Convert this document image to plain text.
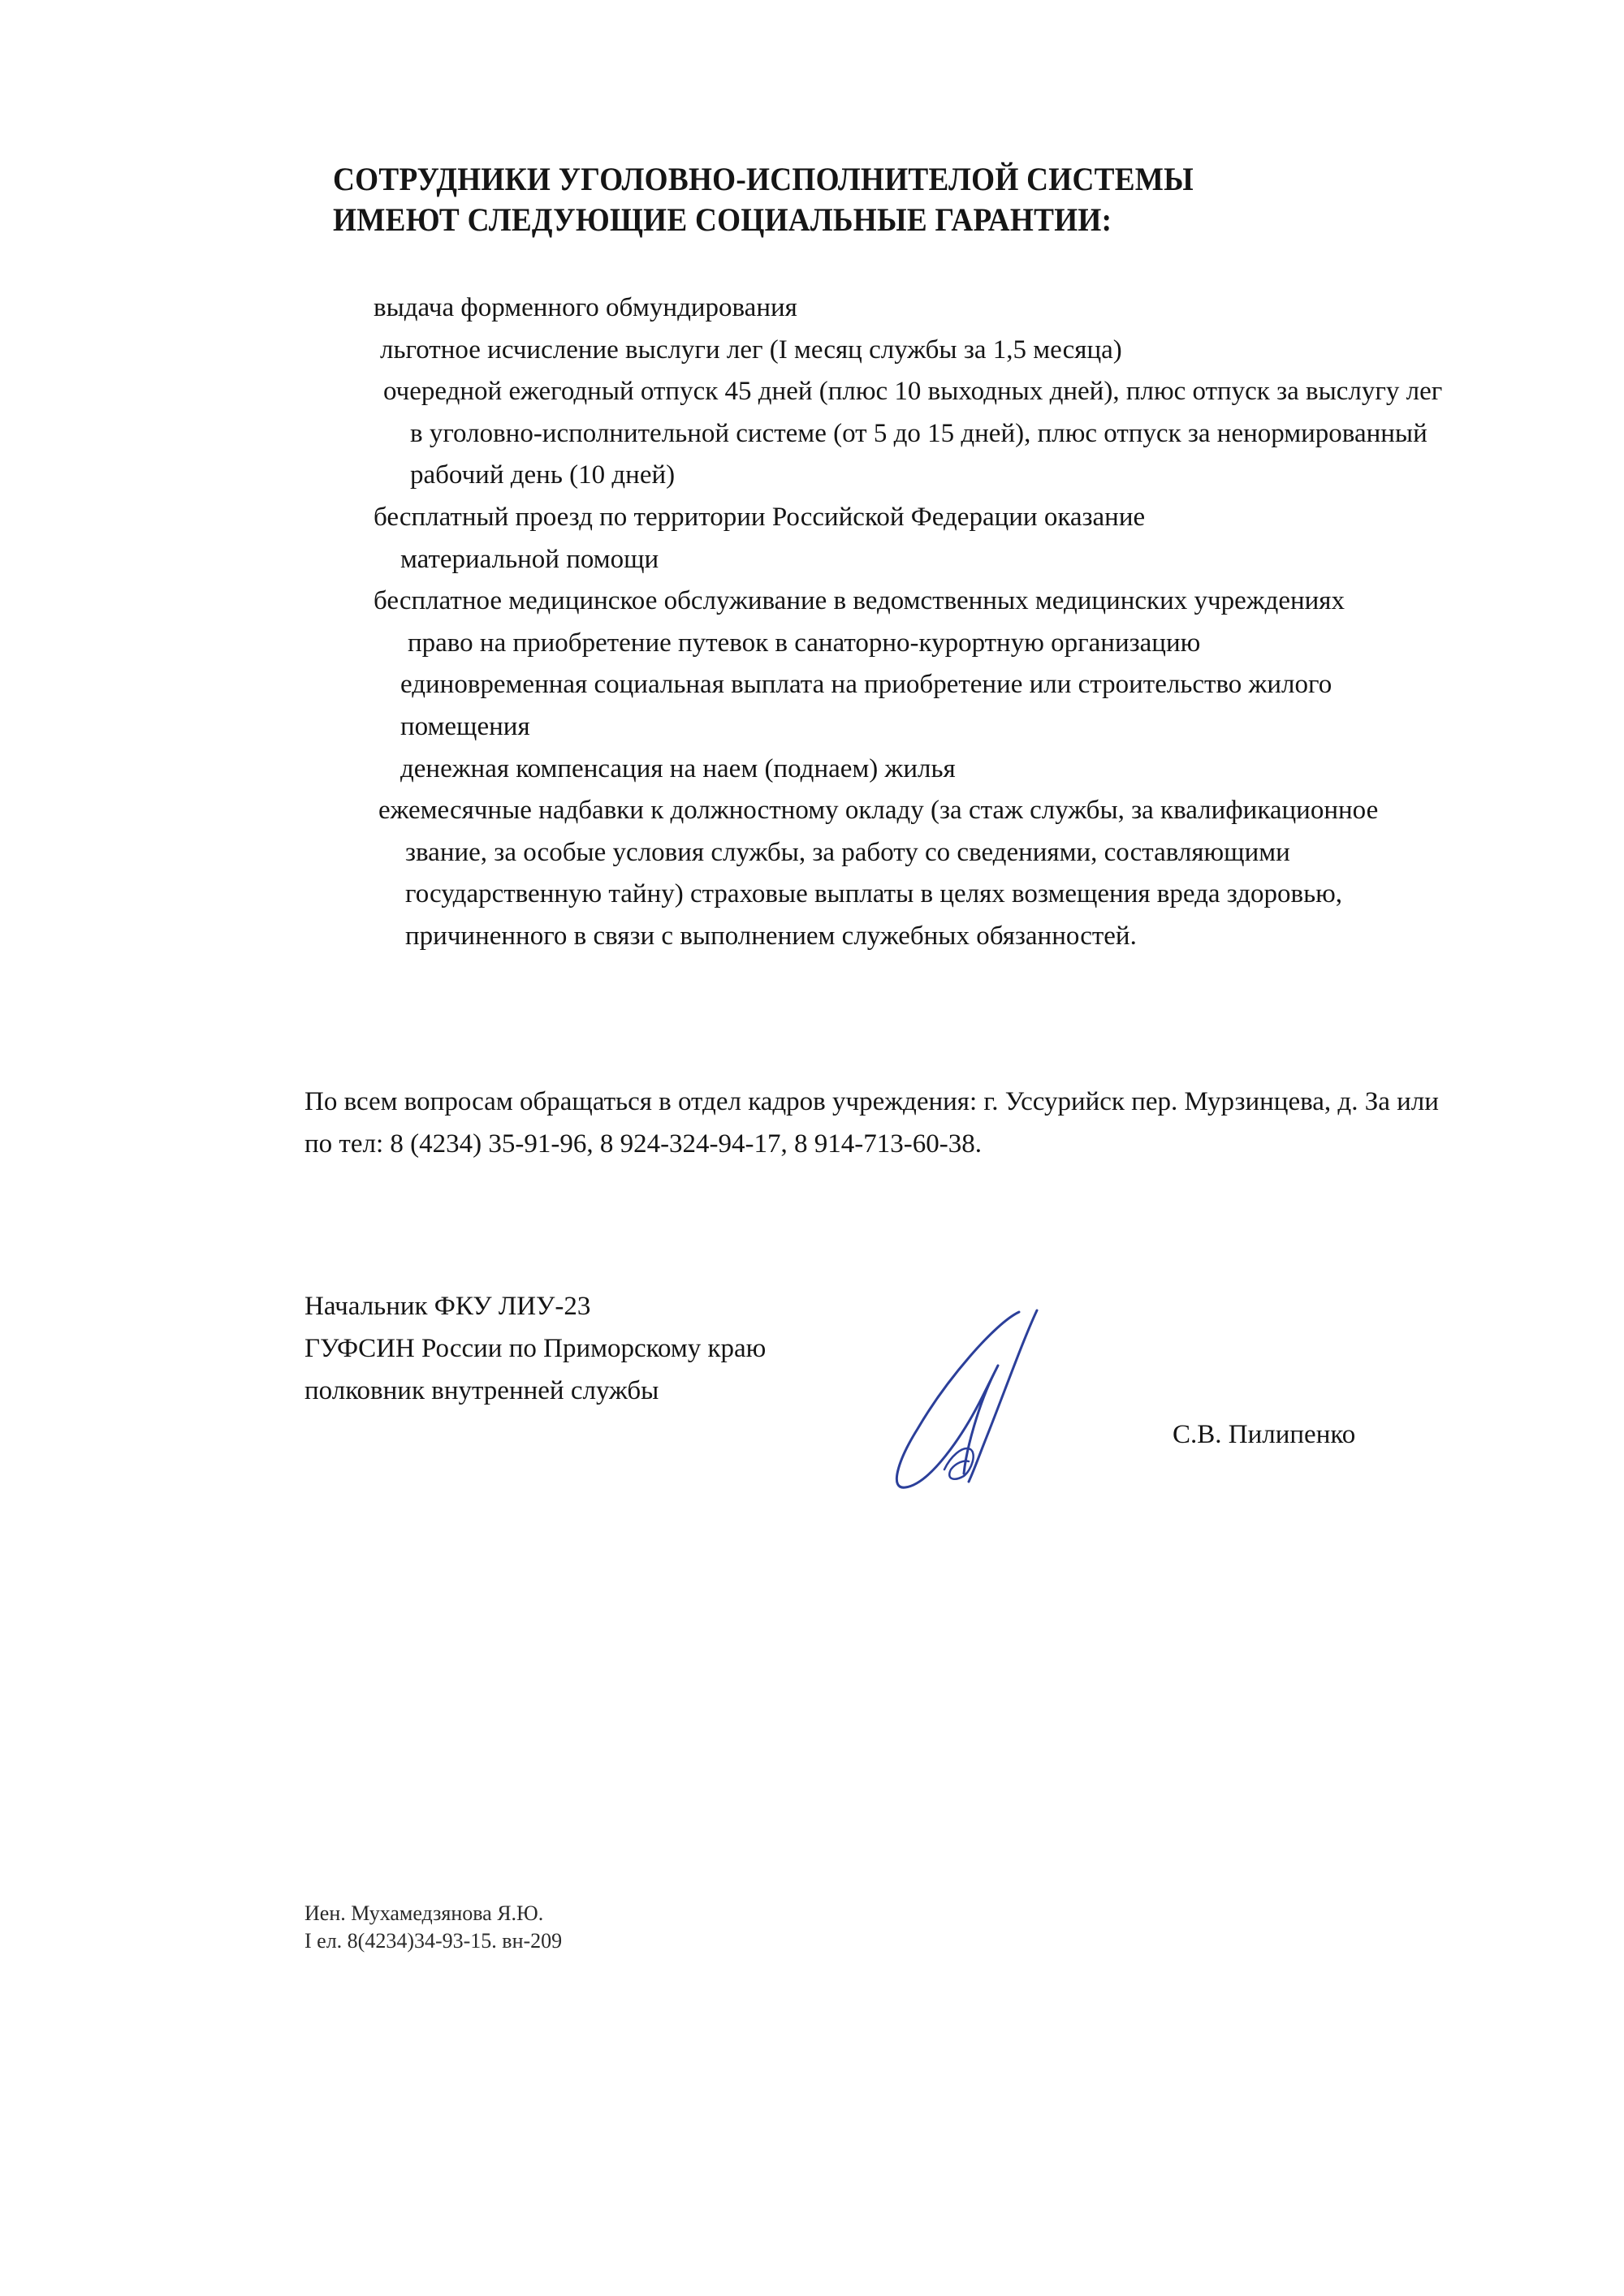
СОТРУДНИКИ УГОЛОВНО-ИСПОЛНИТЕЛОЙ СИСТЕМЫ
ИМЕЮТ СЛЕДУЮЩИЕ СОЦИАЛЬНЫЕ ГАРАНТИИ:
выдача форменного обмундирования
льготное исчисление выслуги лег (I месяц службы за 1,5 месяца)
очередной ежегодный отпуск 45 дней (плюс 10 выходных дней), плюс отпуск за выслугу лег в уголовно-исполнительной системе (от 5 до 15 дней), плюс отпуск за ненормированный рабочий день (10 дней)
бесплатный проезд по территории Российской Федерации оказание материальной помощи
бесплатное медицинское обслуживание в ведомственных медицинских учреждениях
право на приобретение путевок в санаторно-курортную организацию
единовременная социальная выплата на приобретение или строительство жилого помещения
денежная компенсация на наем (поднаем) жилья
ежемесячные надбавки к должностному окладу (за стаж службы, за квалификационное звание, за особые условия службы, за работу со сведениями, составляющими государственную тайну) страховые выплаты в целях возмещения вреда здоровью, причиненного в связи с выполнением служебных обязанностей.
По всем вопросам обращаться в отдел кадров учреждения: г. Уссурийск пер. Мурзинцева, д. За или по тел: 8 (4234) 35-91-96, 8 924-324-94-17, 8 914-713-60-38.
Начальник ФКУ ЛИУ-23
ГУФСИН России по Приморскому краю
полковник внутренней службы
С.В. Пилипенко
Иен. Мухамедзянова Я.Ю.
I ел. 8(4234)34-93-15. вн-209
